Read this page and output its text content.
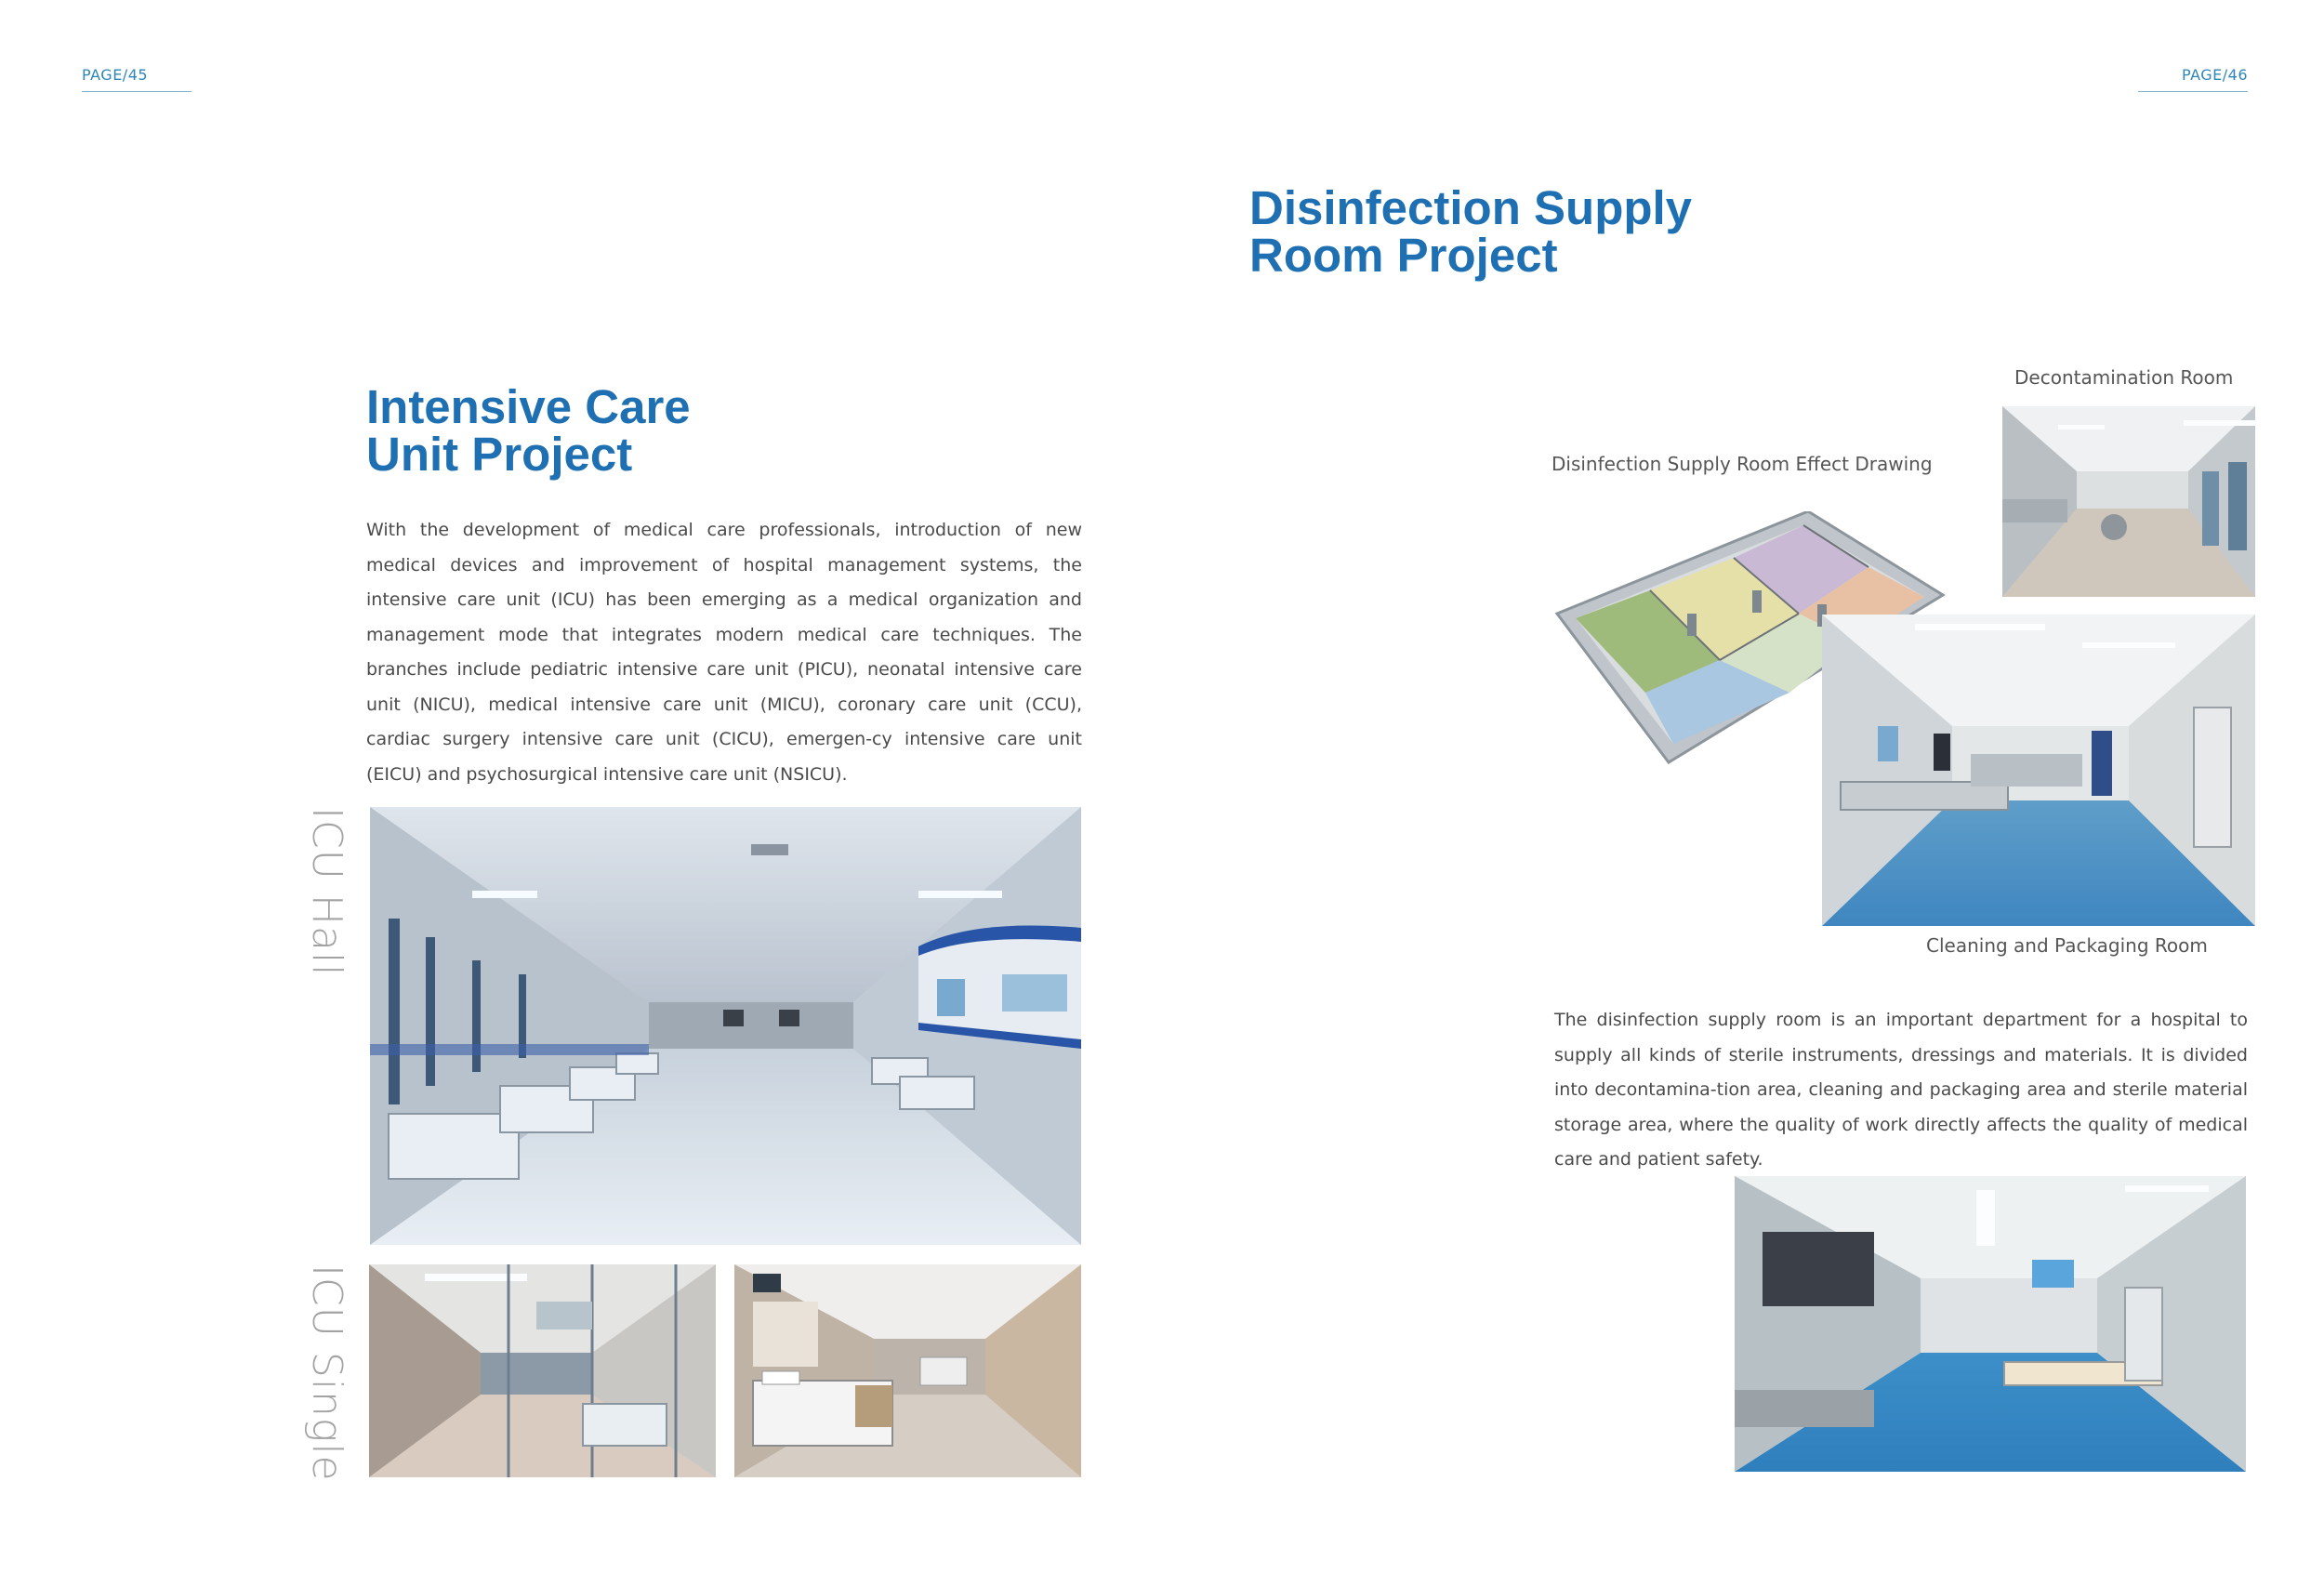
PAGE/45
Intensive Care
Unit Project

With the development of medical care professionals, introduction of new medical devices and improvement of hospital management systems, the intensive care unit (ICU) has been emerging as a medical organization and management mode that integrates modern medical care techniques. The branches include pediatric intensive care unit (PICU), neonatal intensive care unit (NICU), medical intensive care unit (MICU), coronary care unit (CCU), cardiac surgery intensive care unit (CICU), emergen-cy intensive care unit (EICU) and psychosurgical intensive care unit (NSICU).

ICU Hall
ICU Single
PAGE/46
Disinfection Supply
Room Project
Decontamination Room
Disinfection Supply Room Effect Drawing
Cleaning and Packaging Room

The disinfection supply room is an important department for a hospital to supply all kinds of sterile instruments, dressings and materials. It is divided into decontamina-tion area, cleaning and packaging area and sterile material storage area, where the quality of work directly affects the quality of medical care and patient safety.
